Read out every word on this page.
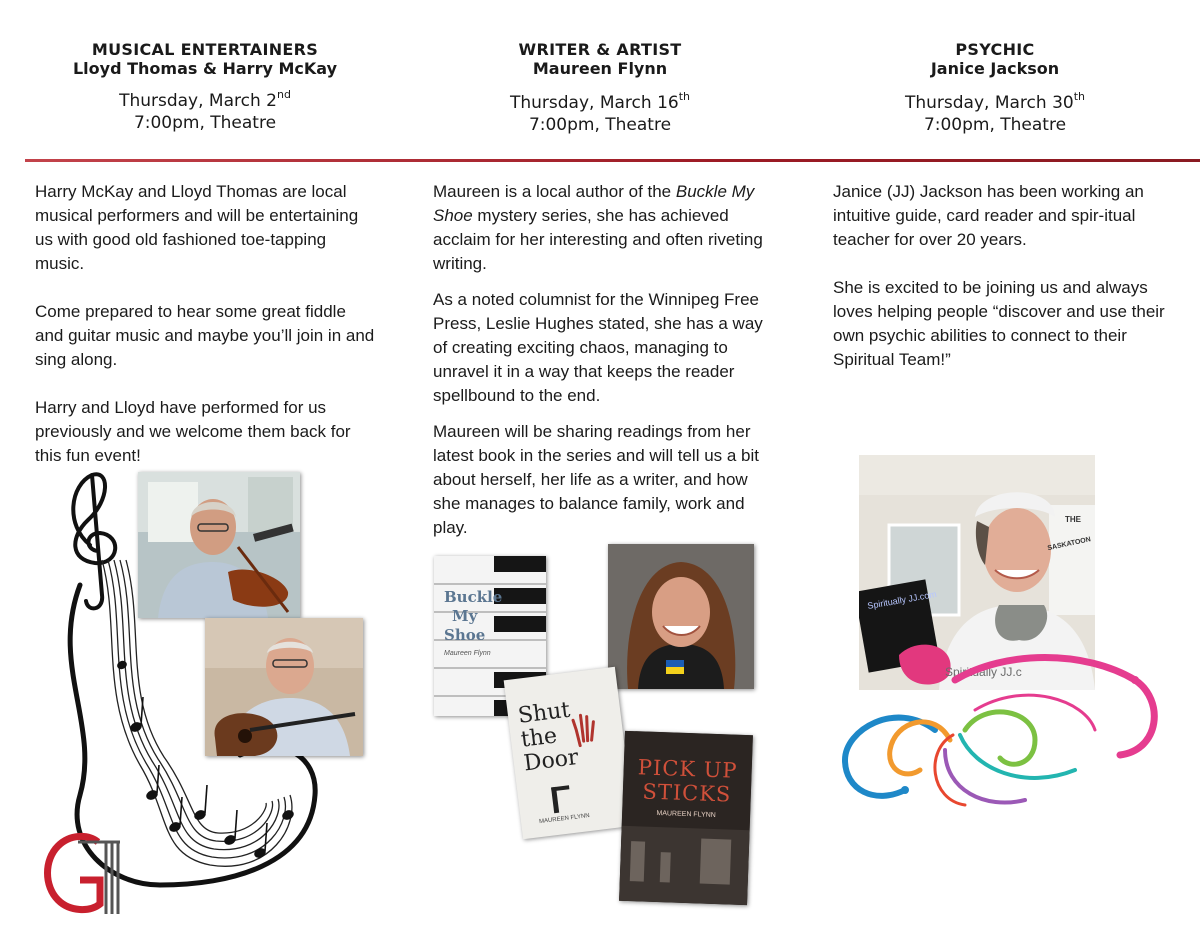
MUSICAL ENTERTAINERS
Lloyd Thomas & Harry McKay
Thursday, March 2nd
7:00pm, Theatre
WRITER & ARTIST
Maureen Flynn
Thursday, March 16th
7:00pm, Theatre
PSYCHIC
Janice Jackson
Thursday, March 30th
7:00pm, Theatre

Harry McKay and Lloyd Thomas are local musical performers and will be entertaining us with good old fashioned toe-tapping music.

Come prepared to hear some great fiddle and guitar music and maybe you’ll join in and sing along.

Harry and Lloyd have performed for us previously and we welcome them back for this fun event!

Maureen is a local author of the Buckle My Shoe mystery series, she has achieved acclaim for her interesting and often riveting writing.

As a noted columnist for the Winnipeg Free Press, Leslie Hughes stated, she has a way of creating exciting chaos, managing to unravel it in a way that keeps the reader spellbound to the end.

Maureen will be sharing readings from her latest book in the series and will tell us a bit about herself, her life as a writer, and how she manages to balance family, work and play.

Janice (JJ) Jackson has been working an intuitive guide, card reader and spir-itual teacher for over 20 years.

She is excited to be joining us and always loves helping people “discover and use their own psychic abilities to connect to their Spiritual Team!”

Buckle
My
Shoe
Maureen Flynn
Shut
the
Door
MAUREEN FLYNN
PICK UP
STICKS
MAUREEN FLYNN
Spiritually JJ.com
Spiritually JJ.c
THE
SASKATOON
